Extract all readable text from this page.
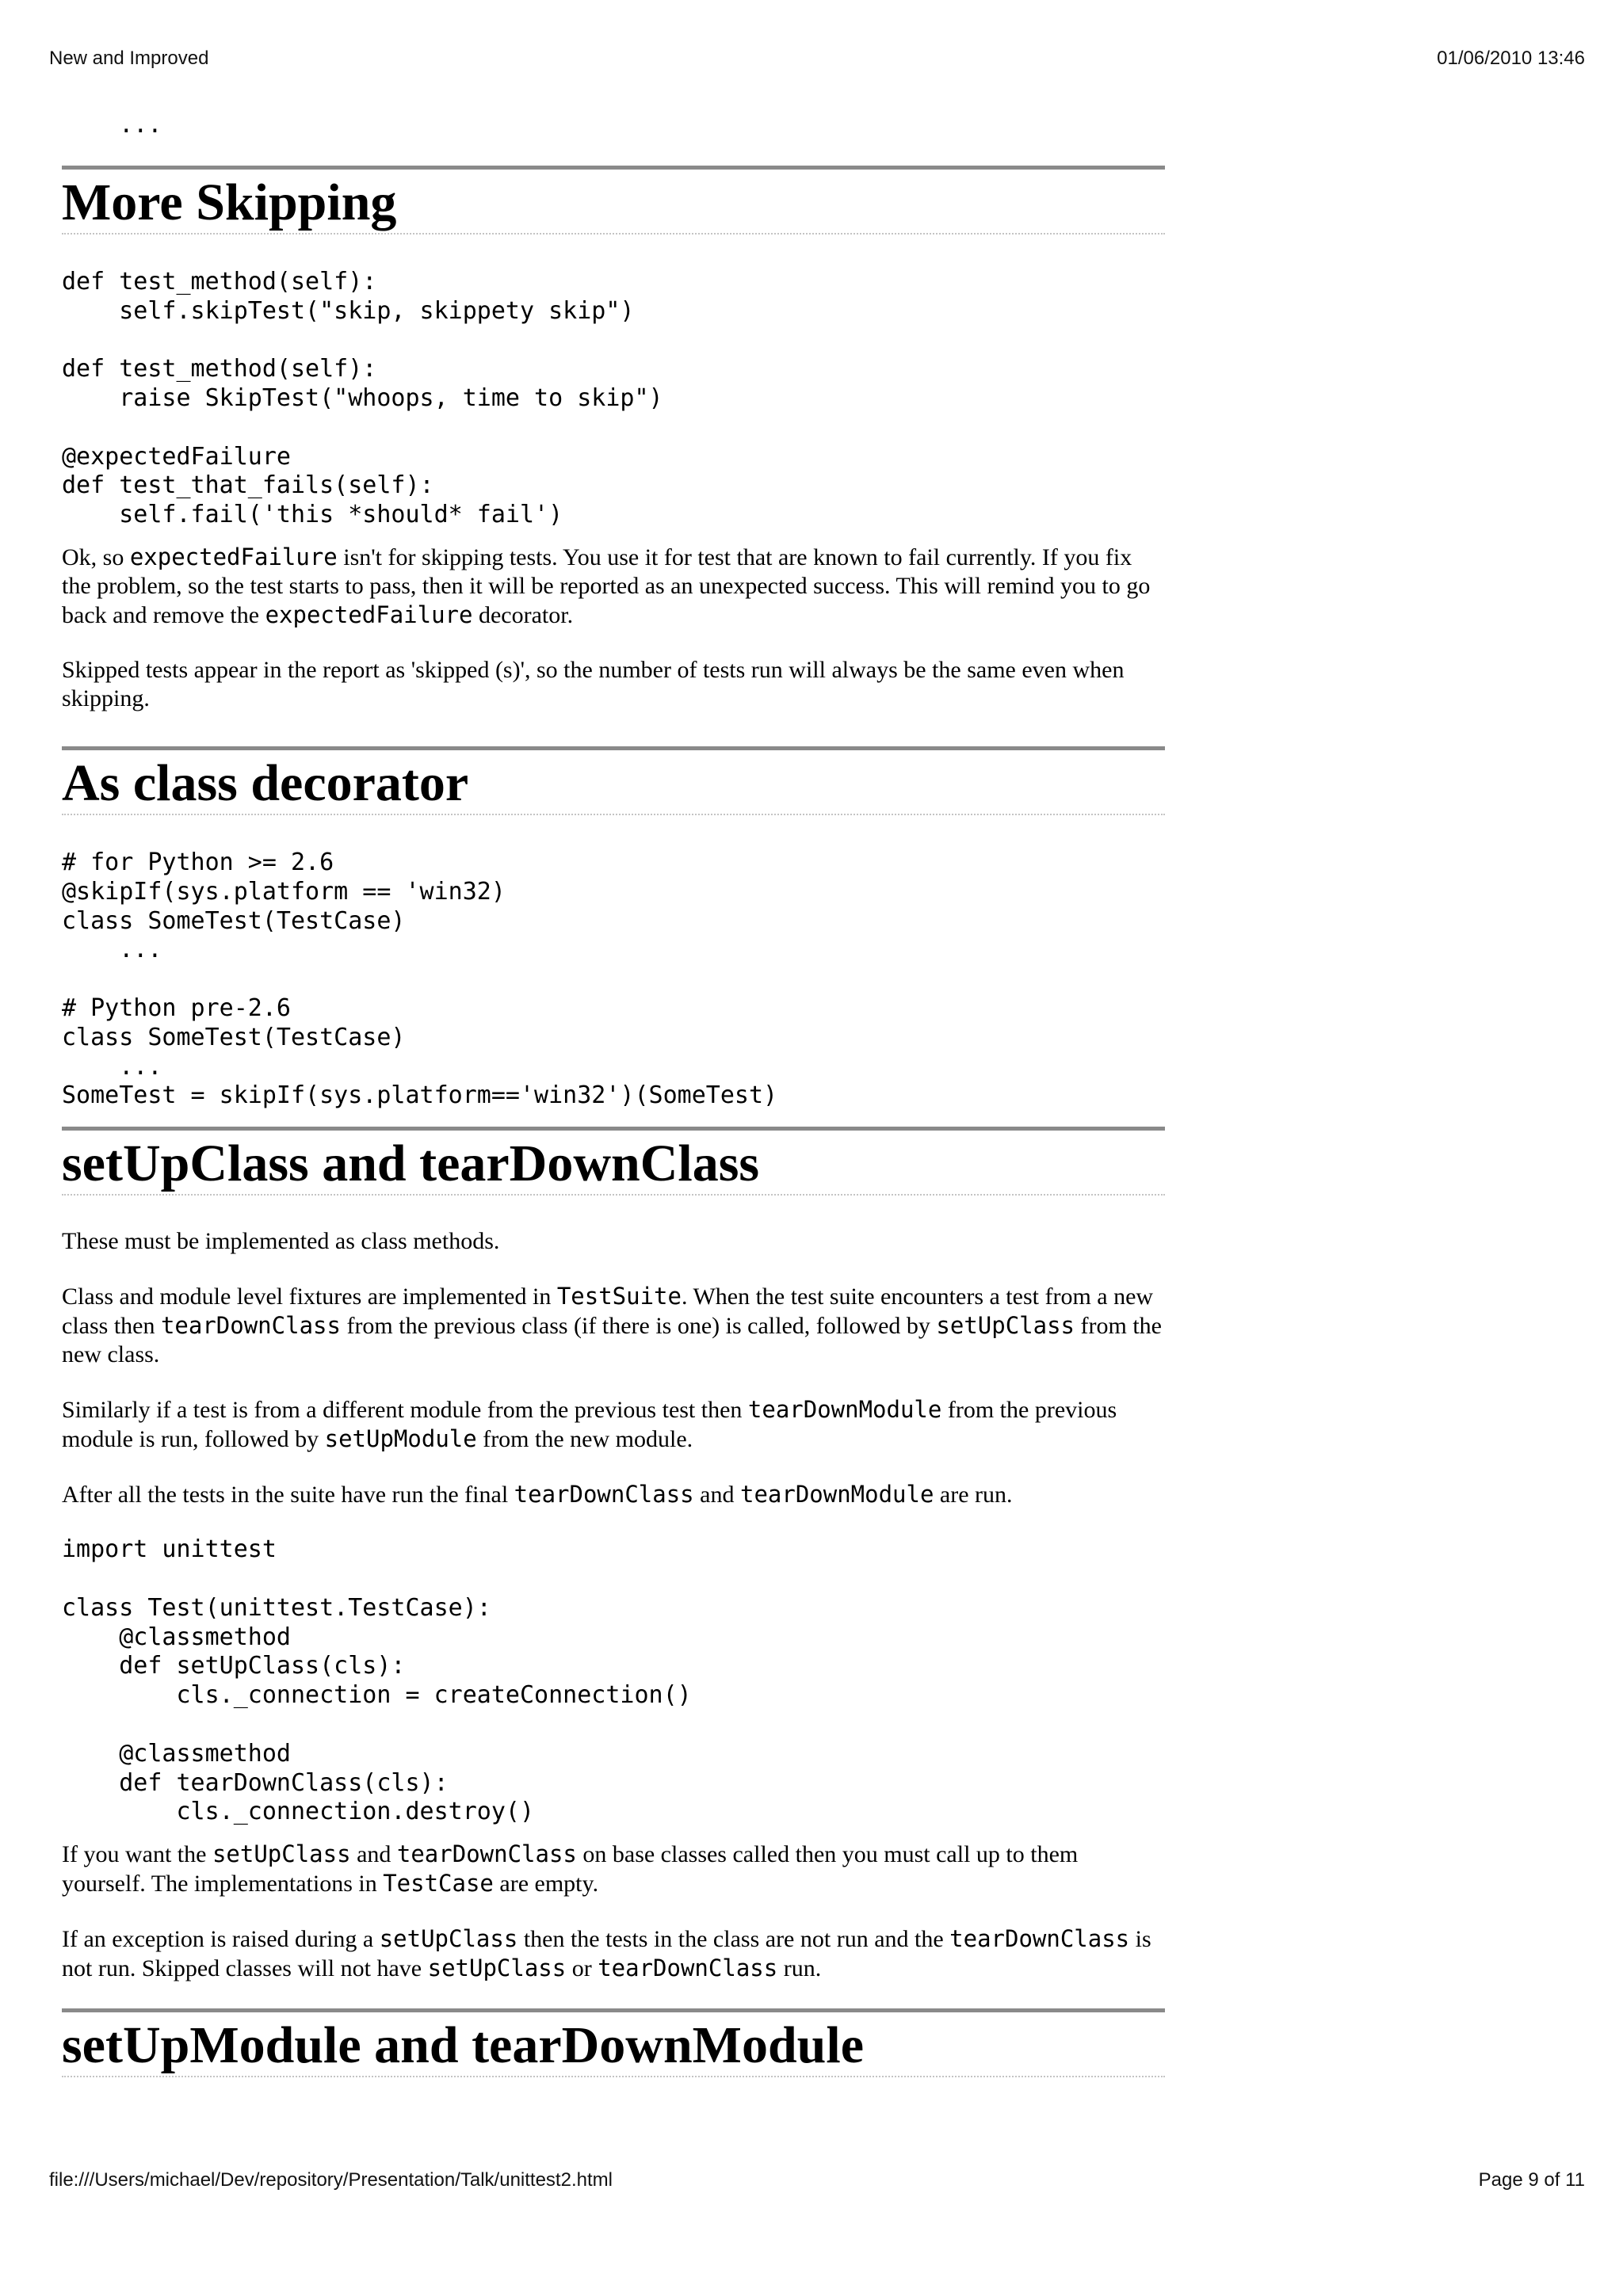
New and Improved	01/06/2010 13:46
...
More Skipping
def test_method(self):
self.skipTest("skip, skippety skip")

def test_method(self):
raise SkipTest("whoops, time to skip")

@expectedFailure
def test_that_fails(self):
self.fail('this *should* fail')

Ok, so expectedFailure isn't for skipping tests. You use it for test that are known to fail currently. If you fix the problem, so the test starts to pass, then it will be reported as an unexpected success. This will remind you to go back and remove the expectedFailure decorator.

Skipped tests appear in the report as 'skipped (s)', so the number of tests run will always be the same even when skipping.

As class decorator
# for Python >= 2.6
@skipIf(sys.platform == 'win32)
class SomeTest(TestCase)
...

# Python pre-2.6
class SomeTest(TestCase)
...
SomeTest = skipIf(sys.platform=='win32')(SomeTest)
setUpClass and tearDownClass

These must be implemented as class methods.

Class and module level fixtures are implemented in TestSuite. When the test suite encounters a test from a new class then tearDownClass from the previous class (if there is one) is called, followed by setUpClass from the new class.

Similarly if a test is from a different module from the previous test then tearDownModule from the previous module is run, followed by setUpModule from the new module.

After all the tests in the suite have run the final tearDownClass and tearDownModule are run.

import unittest

class Test(unittest.TestCase):
@classmethod
def setUpClass(cls):
cls._connection = createConnection()

@classmethod
def tearDownClass(cls):
cls._connection.destroy()

If you want the setUpClass and tearDownClass on base classes called then you must call up to them yourself. The implementations in TestCase are empty.

If an exception is raised during a setUpClass then the tests in the class are not run and the tearDownClass is not run. Skipped classes will not have setUpClass or tearDownClass run.

setUpModule and tearDownModule
file:///Users/michael/Dev/repository/Presentation/Talk/unittest2.html	Page 9 of 11
